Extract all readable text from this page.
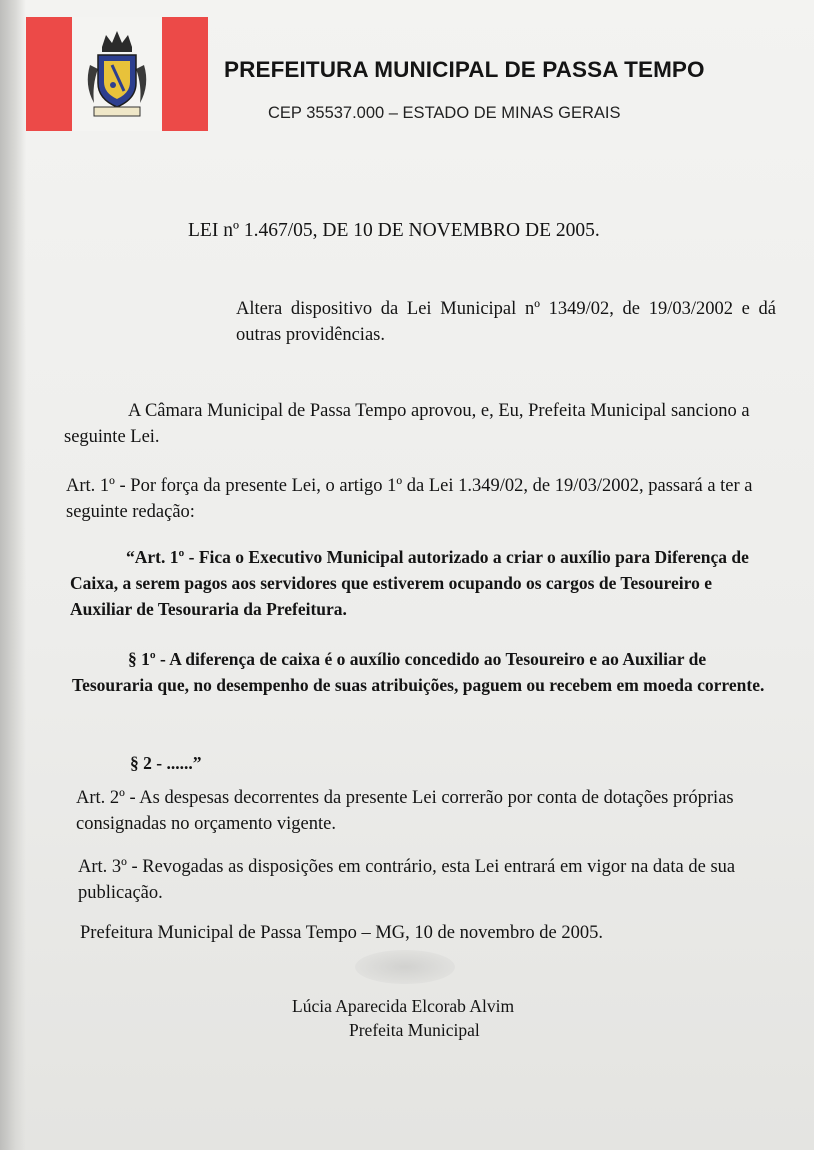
PREFEITURA MUNICIPAL DE PASSA TEMPO
CEP 35537.000 – ESTADO DE MINAS GERAIS
LEI nº 1.467/05, DE 10 DE NOVEMBRO DE 2005.
Altera dispositivo da Lei Municipal nº 1349/02, de 19/03/2002 e dá outras providências.
A Câmara Municipal de Passa Tempo aprovou, e, Eu, Prefeita Municipal sanciono a seguinte Lei.
Art. 1º - Por força da presente Lei, o artigo 1º da Lei 1.349/02, de 19/03/2002, passará a ter a seguinte redação:
“Art. 1º - Fica o Executivo Municipal autorizado a criar o auxílio para Diferença de Caixa, a serem pagos aos servidores que estiverem ocupando os cargos de Tesoureiro e Auxiliar de Tesouraria da Prefeitura.
§ 1º - A diferença de caixa é o auxílio concedido ao Tesoureiro e ao Auxiliar de Tesouraria que, no desempenho de suas atribuições, paguem ou recebem em moeda corrente.
§ 2 - ......”
Art. 2º - As despesas decorrentes da presente Lei correrão por conta de dotações próprias consignadas no orçamento vigente.
Art. 3º - Revogadas as disposições em contrário, esta Lei entrará em vigor na data de sua publicação.
Prefeitura Municipal de Passa Tempo – MG, 10 de novembro de 2005.
Lúcia Aparecida Elcorab Alvim
Prefeita Municipal
